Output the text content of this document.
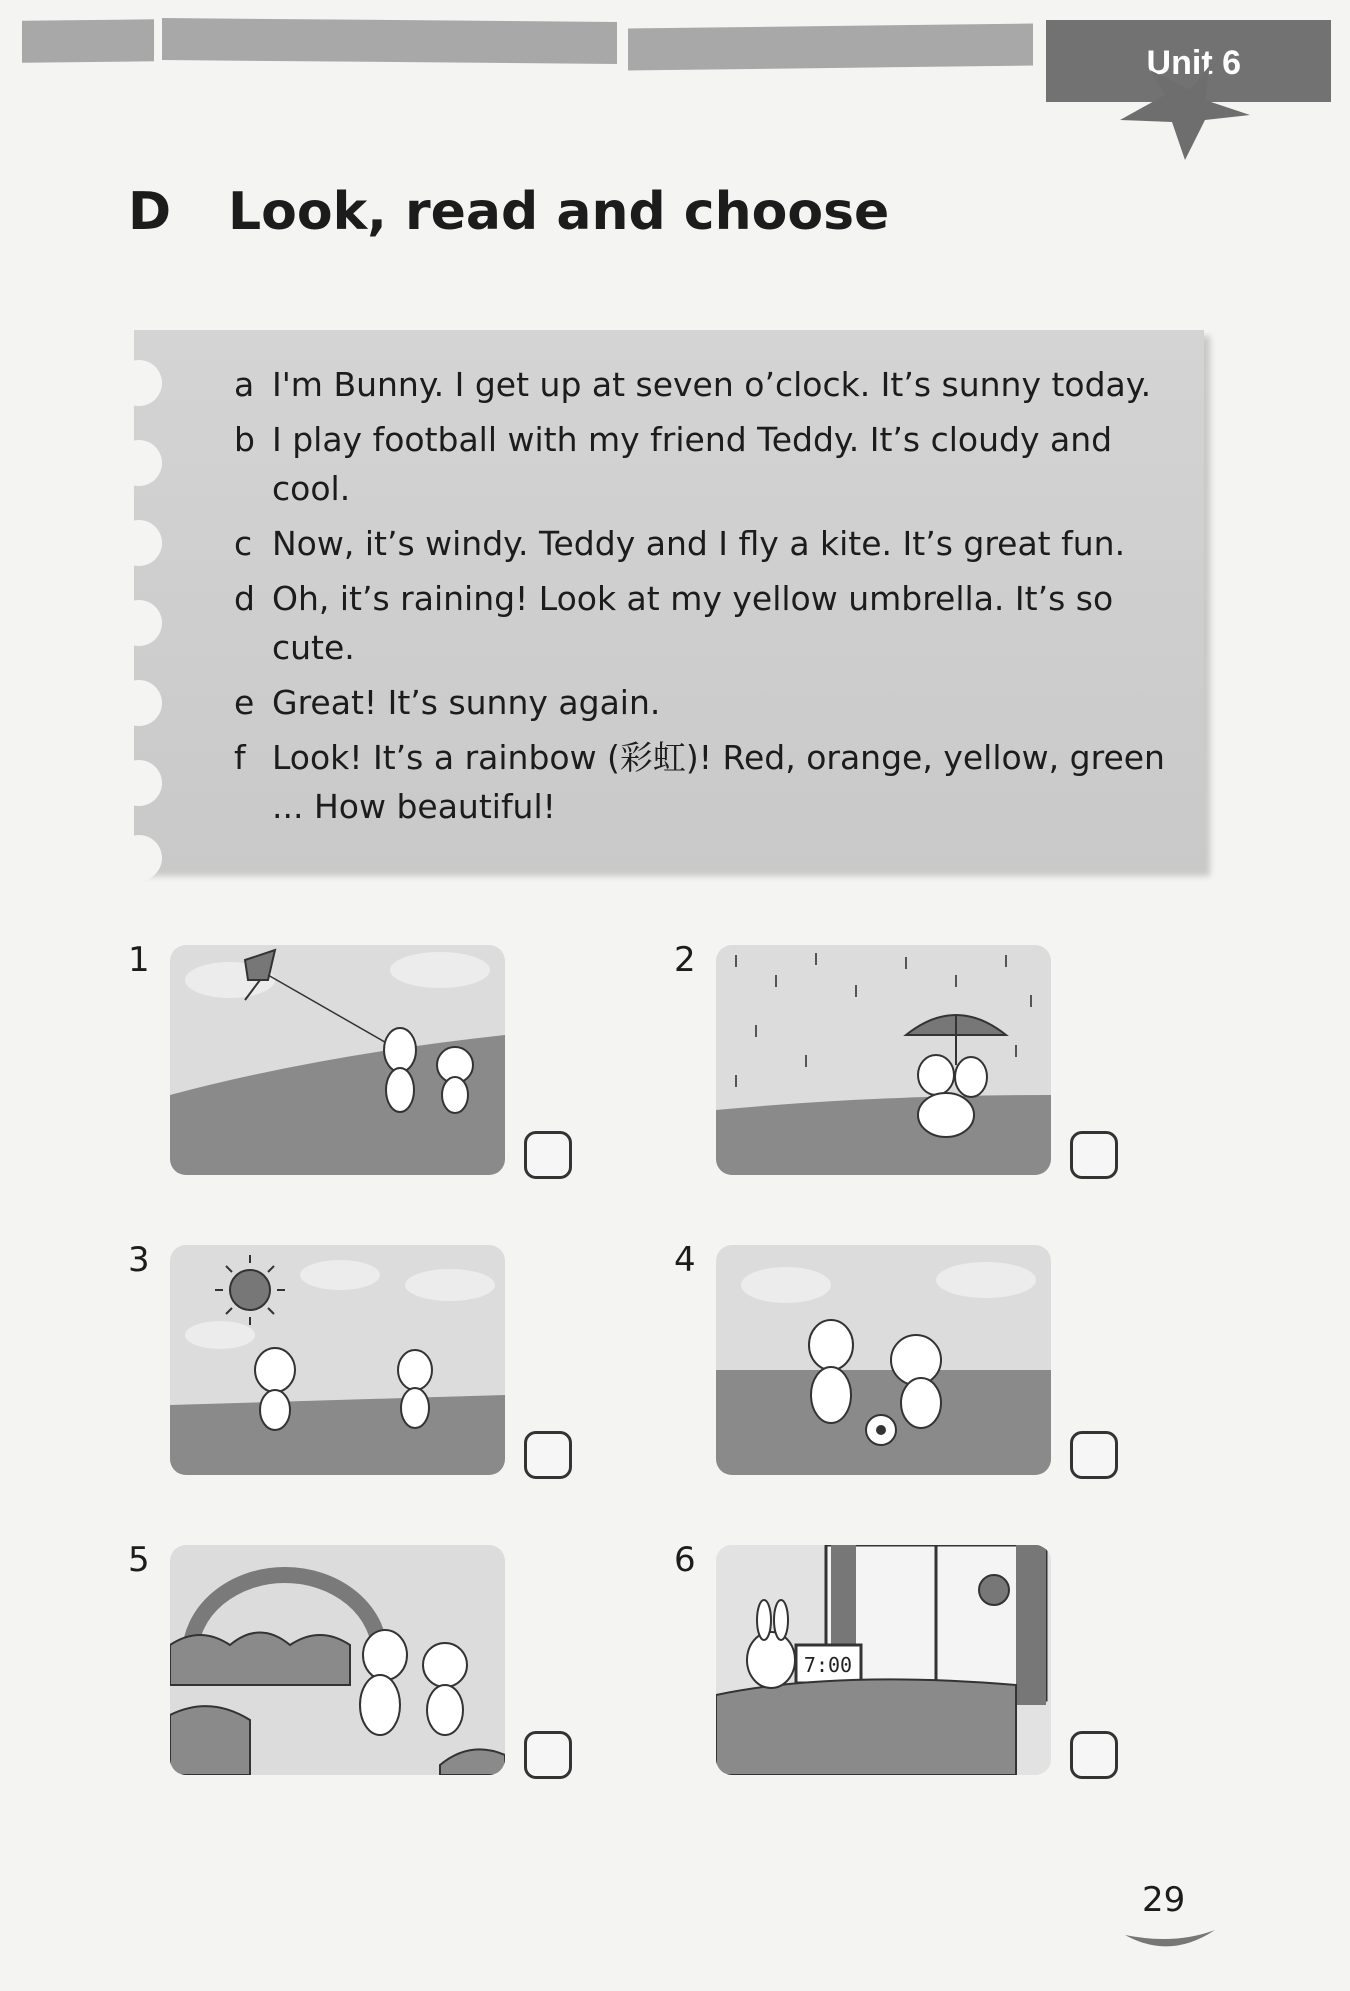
Unit 6
D Look, read and choose
a I'm Bunny. I get up at seven o’clock. It’s sunny today.
b I play football with my friend Teddy. It’s cloudy and cool.
c Now, it’s windy. Teddy and I fly a kite. It’s great fun.
d Oh, it’s raining! Look at my yellow umbrella. It’s so cute.
e Great! It’s sunny again.
f Look! It’s a rainbow (彩虹)! Red, orange, yellow, green ... How beautiful!
1	2
3	4
5	6
7:00
29
